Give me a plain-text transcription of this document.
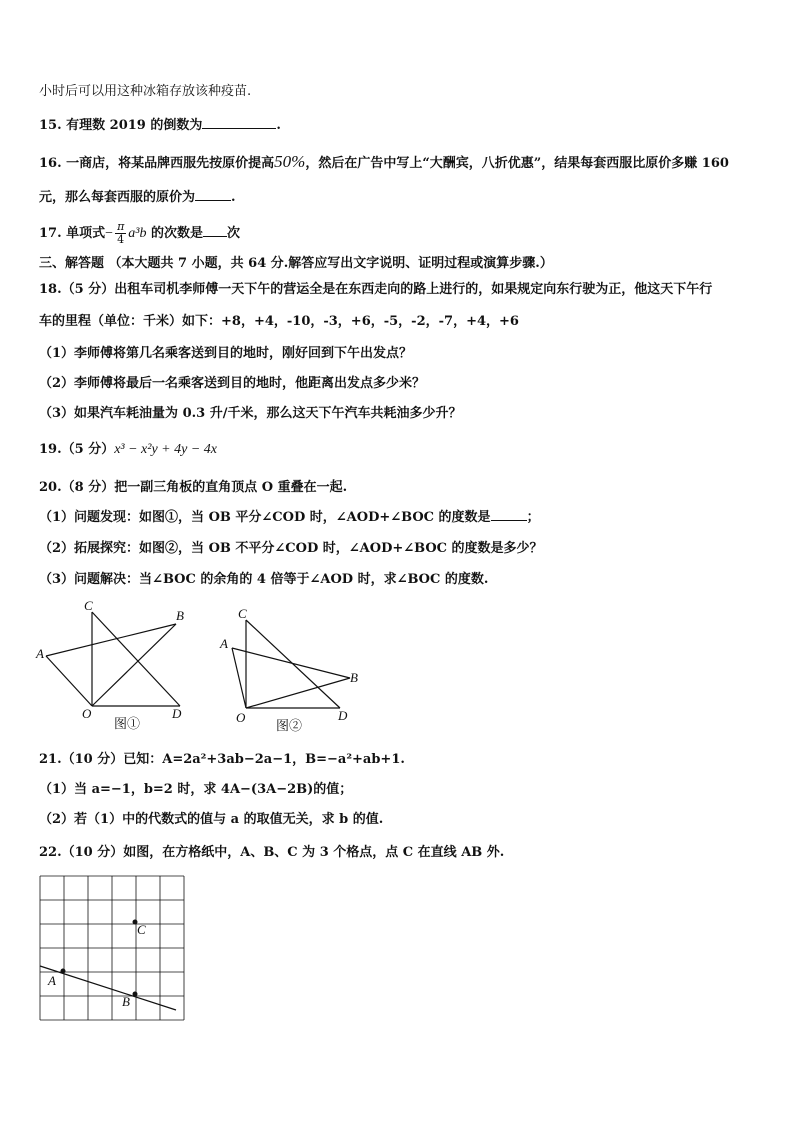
小时后可以用这种冰箱存放该种疫苗.
15. 有理数 2019 的倒数为	.
16. 一商店，将某品牌西服先按原价提高50%，然后在广告中写上“大酬宾，八折优惠”，结果每套西服比原价多赚 160
元，那么每套西服的原价为	.
17. 单项式− $\frac{\pi}{4} a^3b$ 的次数是 次
三、解答题 （本大题共 7 小题，共 64 分.解答应写出文字说明、证明过程或演算步骤.）
18.（5 分）出租车司机李师傅一天下午的营运全是在东西走向的路上进行的，如果规定向东行驶为正，他这天下午行
车的里程（单位：千米）如下：+8，+4，-10，-3，+6，-5，-2，-7，+4，+6
（1）李师傅将第几名乘客送到目的地时，刚好回到下午出发点？
（2）李师傅将最后一名乘客送到目的地时，他距离出发点多少米？
（3）如果汽车耗油量为 0.3 升/千米，那么这天下午汽车共耗油多少升？
19.（5 分）x³ − x²y + 4y − 4x
20.（8 分）把一副三角板的直角顶点 O 重叠在一起.
（1）问题发现：如图①，当 OB 平分∠COD 时，∠AOD+∠BOC 的度数是	；
（2）拓展探究：如图②，当 OB 不平分∠COD 时，∠AOD+∠BOC 的度数是多少？
（3）问题解决：当∠BOC 的余角的 4 倍等于∠AOD 时，求∠BOC 的度数.
C
B
A
O	D
图①
C
A
B
O	D
图②
21.（10 分）已知：A=2a²+3ab−2a−1，B=−a²+ab+1.
（1）当 a=−1，b=2 时，求 4A−(3A−2B)的值；
（2）若（1）中的代数式的值与 a 的取值无关，求 b 的值.
22.（10 分）如图，在方格纸中，A、B、C 为 3 个格点，点 C 在直线 AB 外.
C
A
B
